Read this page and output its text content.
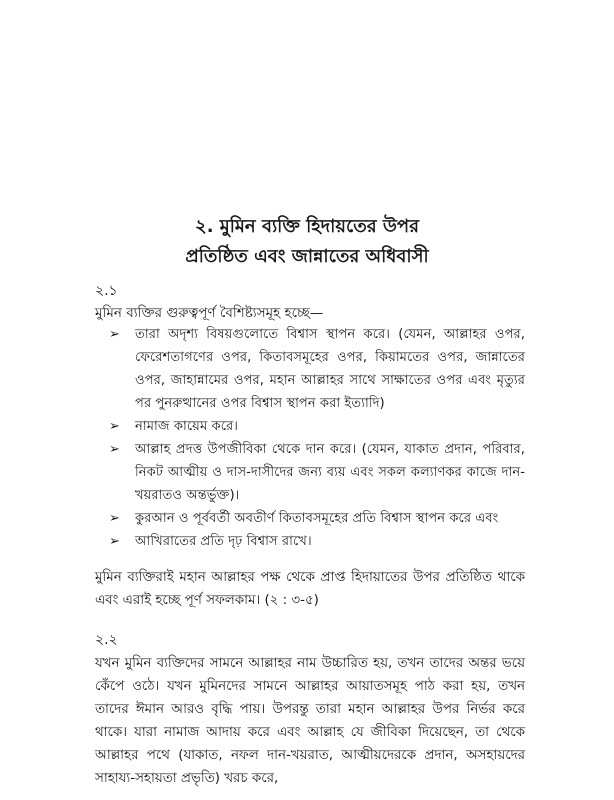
২. মুমিন ব্যক্তি হিদায়তের উপর
প্রতিষ্ঠিত এবং জান্নাতের অধিবাসী
২.১
মুমিন ব্যক্তির গুরুত্বপূর্ণ বৈশিষ্ট্যসমূহ হচ্ছে—
➢ তারা অদৃশ্য বিষয়গুলোতে বিশ্বাস স্থাপন করে। (যেমন, আল্লাহর ওপর, ফেরেশতাগণের ওপর, কিতাবসমূহের ওপর, কিয়ামতের ওপর, জান্নাতের ওপর, জাহান্নামের ওপর, মহান আল্লাহর সাথে সাক্ষাতের ওপর এবং মৃত্যুর পর পুনরুত্থানের ওপর বিশ্বাস স্থাপন করা ইত্যাদি)
➢ নামাজ কায়েম করে।
➢ আল্লাহ প্রদত্ত উপজীবিকা থেকে দান করে। (যেমন, যাকাত প্রদান, পরিবার, নিকট আত্মীয় ও দাস-দাসীদের জন্য ব্যয় এবং সকল কল্যাণকর কাজে দান-খয়রাতও অন্তর্ভুক্ত)।
➢ কুরআন ও পূর্ববর্তী অবতীর্ণ কিতাবসমূহের প্রতি বিশ্বাস স্থাপন করে এবং
➢ আখিরাতের প্রতি দৃঢ় বিশ্বাস রাখে।

মুমিন ব্যক্তিরাই মহান আল্লাহর পক্ষ থেকে প্রাপ্ত হিদায়াতের উপর প্রতিষ্ঠিত থাকে এবং এরাই হচ্ছে পূর্ণ সফলকাম। (২ : ৩-৫)

২.২

যখন মুমিন ব্যক্তিদের সামনে আল্লাহর নাম উচ্চারিত হয়, তখন তাদের অন্তর ভয়ে কেঁপে ওঠে। যখন মুমিনদের সামনে আল্লাহর আয়াতসমূহ পাঠ করা হয়, তখন তাদের ঈমান আরও বৃদ্ধি পায়। উপরন্তু তারা মহান আল্লাহর উপর নির্ভর করে থাকে। যারা নামাজ আদায় করে এবং আল্লাহ যে জীবিকা দিয়েছেন, তা থেকে আল্লাহর পথে (যাকাত, নফল দান-খয়রাত, আত্মীয়দেরকে প্রদান, অসহায়দের সাহায্য-সহায়তা প্রভৃতি) খরচ করে,
